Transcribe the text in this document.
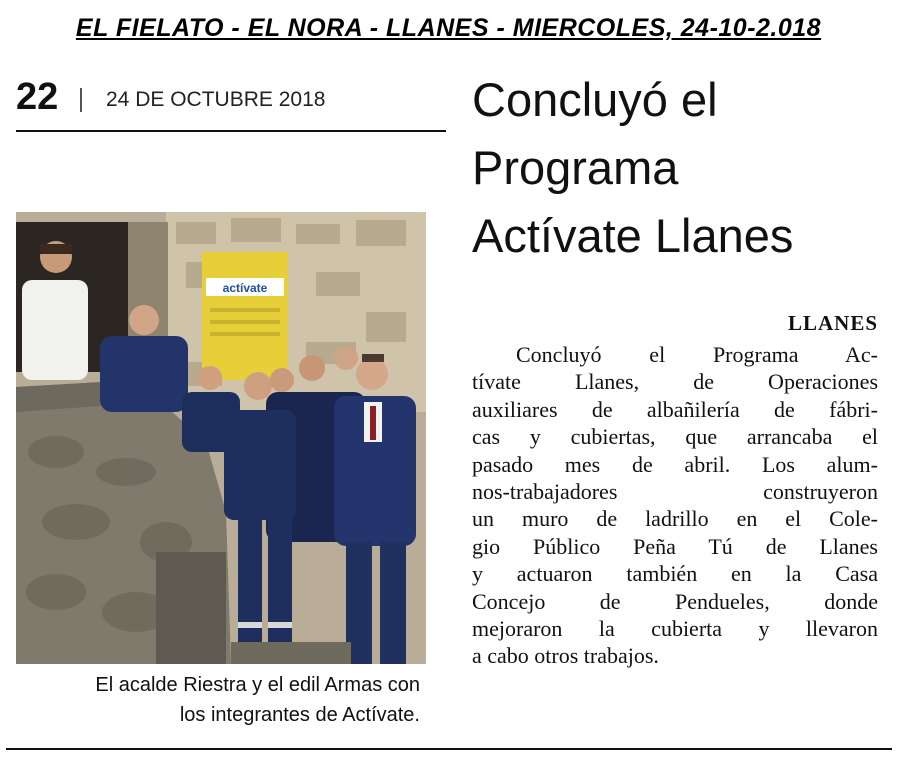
EL FIELATO - EL NORA - LLANES - MIERCOLES, 24-10-2.018
22 24 DE OCTUBRE 2018	Concluyó el
Programa
Actívate Llanes
actívate
El acalde Riestra y el edil Armas con
los integrantes de Actívate.
LLANES
Concluyó el Programa Ac-
tívate Llanes, de Operaciones
auxiliares de albañilería de fábri-
cas y cubiertas, que arrancaba el
pasado mes de abril. Los alum-
nos-trabajadores construyeron
un muro de ladrillo en el Cole-
gio Público Peña Tú de Llanes
y actuaron también en la Casa
Concejo de Pendueles, donde
mejoraron la cubierta y llevaron
a cabo otros trabajos.
